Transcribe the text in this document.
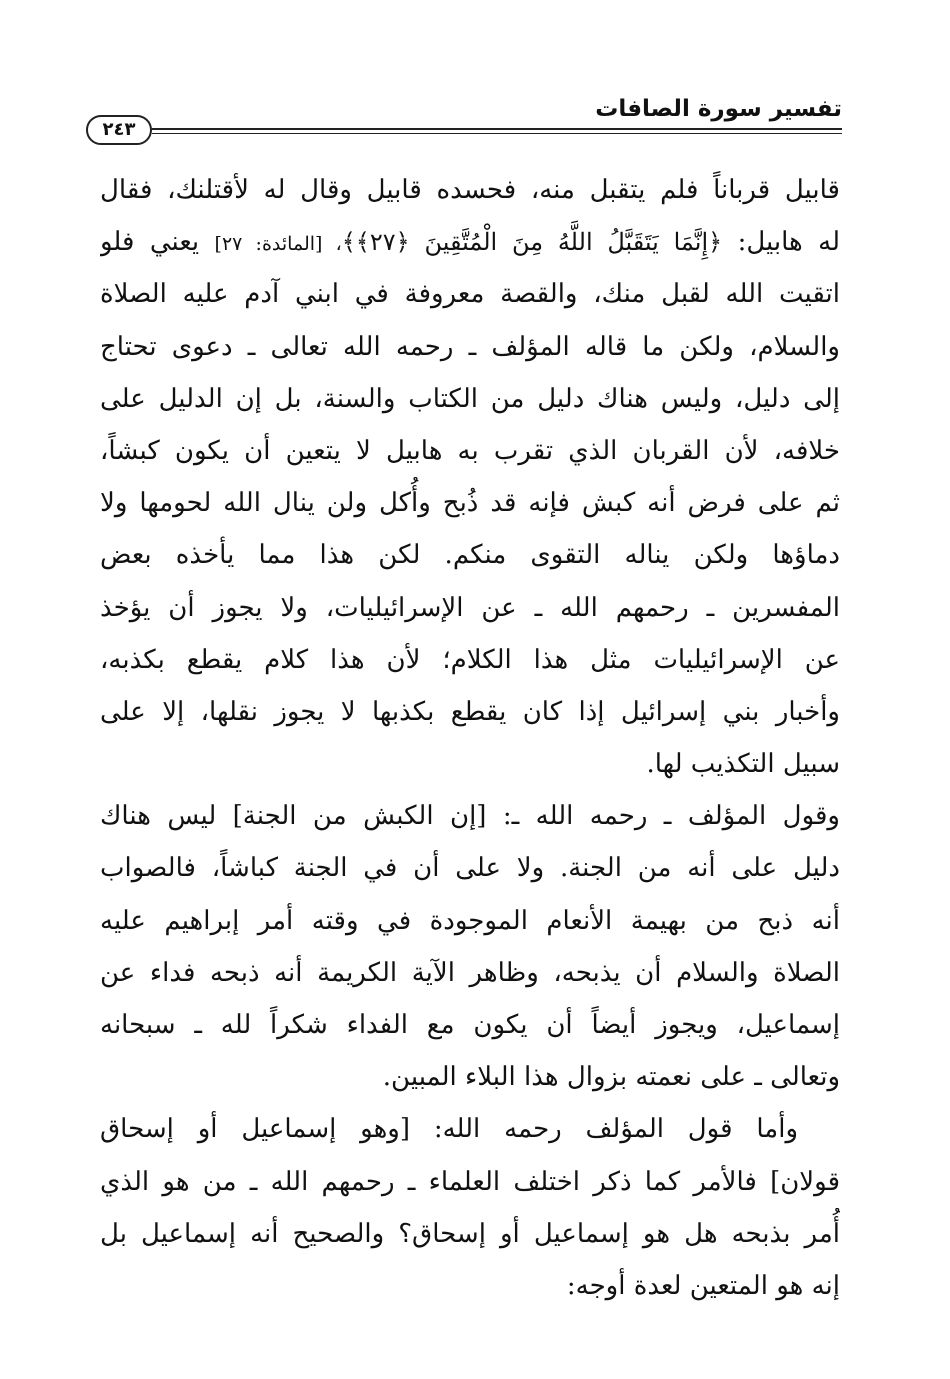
تفسير سورة الصافات
٢٤٣
قابيل قرباناً فلم يتقبل منه، فحسده قابيل وقال له لأقتلنك، فقال
له هابيل: ﴿إِنَّمَا يَتَقَبَّلُ اللَّهُ مِنَ الْمُتَّقِينَ ﴿٢٧﴾﴾، [المائدة: ٢٧] يعني فلو
اتقيت الله لقبل منك، والقصة معروفة في ابني آدم عليه الصلاة
والسلام، ولكن ما قاله المؤلف ـ رحمه الله تعالى ـ دعوى تحتاج
إلى دليل، وليس هناك دليل من الكتاب والسنة، بل إن الدليل على
خلافه، لأن القربان الذي تقرب به هابيل لا يتعين أن يكون كبشاً،
ثم على فرض أنه كبش فإنه قد ذُبح وأُكل ولن ينال الله لحومها ولا
دماؤها ولكن يناله التقوى منكم. لكن هذا مما يأخذه بعض
المفسرين ـ رحمهم الله ـ عن الإسرائيليات، ولا يجوز أن يؤخذ
عن الإسرائيليات مثل هذا الكلام؛ لأن هذا كلام يقطع بكذبه،
وأخبار بني إسرائيل إذا كان يقطع بكذبها لا يجوز نقلها، إلا على
سبيل التكذيب لها.
وقول المؤلف ـ رحمه الله ـ: [إن الكبش من الجنة] ليس هناك
دليل على أنه من الجنة. ولا على أن في الجنة كباشاً، فالصواب
أنه ذبح من بهيمة الأنعام الموجودة في وقته أمر إبراهيم عليه
الصلاة والسلام أن يذبحه، وظاهر الآية الكريمة أنه ذبحه فداء عن
إسماعيل، ويجوز أيضاً أن يكون مع الفداء شكراً لله ـ سبحانه
وتعالى ـ على نعمته بزوال هذا البلاء المبين.
وأما قول المؤلف رحمه الله: [وهو إسماعيل أو إسحاق
قولان] فالأمر كما ذكر اختلف العلماء ـ رحمهم الله ـ من هو الذي
أُمر بذبحه هل هو إسماعيل أو إسحاق؟ والصحيح أنه إسماعيل بل
إنه هو المتعين لعدة أوجه:
